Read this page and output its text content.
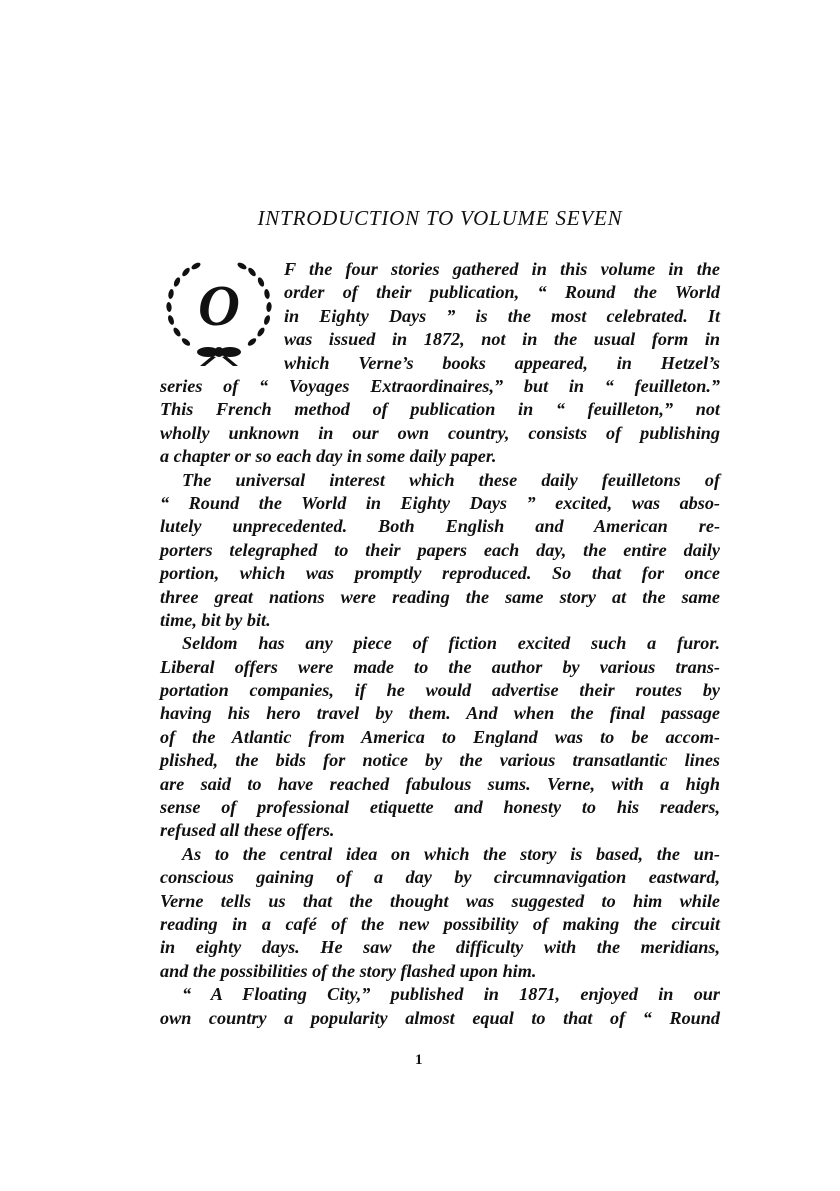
INTRODUCTION TO VOLUME SEVEN
O
F the four stories gathered in this volume in the
order of their publication, “ Round the World
in Eighty Days ” is the most celebrated. It
was issued in 1872, not in the usual form in
which Verne’s books appeared, in Hetzel’s
series of “ Voyages Extraordinaires,” but in “ feuilleton.”
This French method of publication in “ feuilleton,” not
wholly unknown in our own country, consists of publishing
a chapter or so each day in some daily paper.
The universal interest which these daily feuilletons of
“ Round the World in Eighty Days ” excited, was abso-
lutely unprecedented. Both English and American re-
porters telegraphed to their papers each day, the entire daily
portion, which was promptly reproduced. So that for once
three great nations were reading the same story at the same
time, bit by bit.
Seldom has any piece of fiction excited such a furor.
Liberal offers were made to the author by various trans-
portation companies, if he would advertise their routes by
having his hero travel by them. And when the final passage
of the Atlantic from America to England was to be accom-
plished, the bids for notice by the various transatlantic lines
are said to have reached fabulous sums. Verne, with a high
sense of professional etiquette and honesty to his readers,
refused all these offers.
As to the central idea on which the story is based, the un-
conscious gaining of a day by circumnavigation eastward,
Verne tells us that the thought was suggested to him while
reading in a café of the new possibility of making the circuit
in eighty days. He saw the difficulty with the meridians,
and the possibilities of the story flashed upon him.
“ A Floating City,” published in 1871, enjoyed in our
own country a popularity almost equal to that of “ Round
1
